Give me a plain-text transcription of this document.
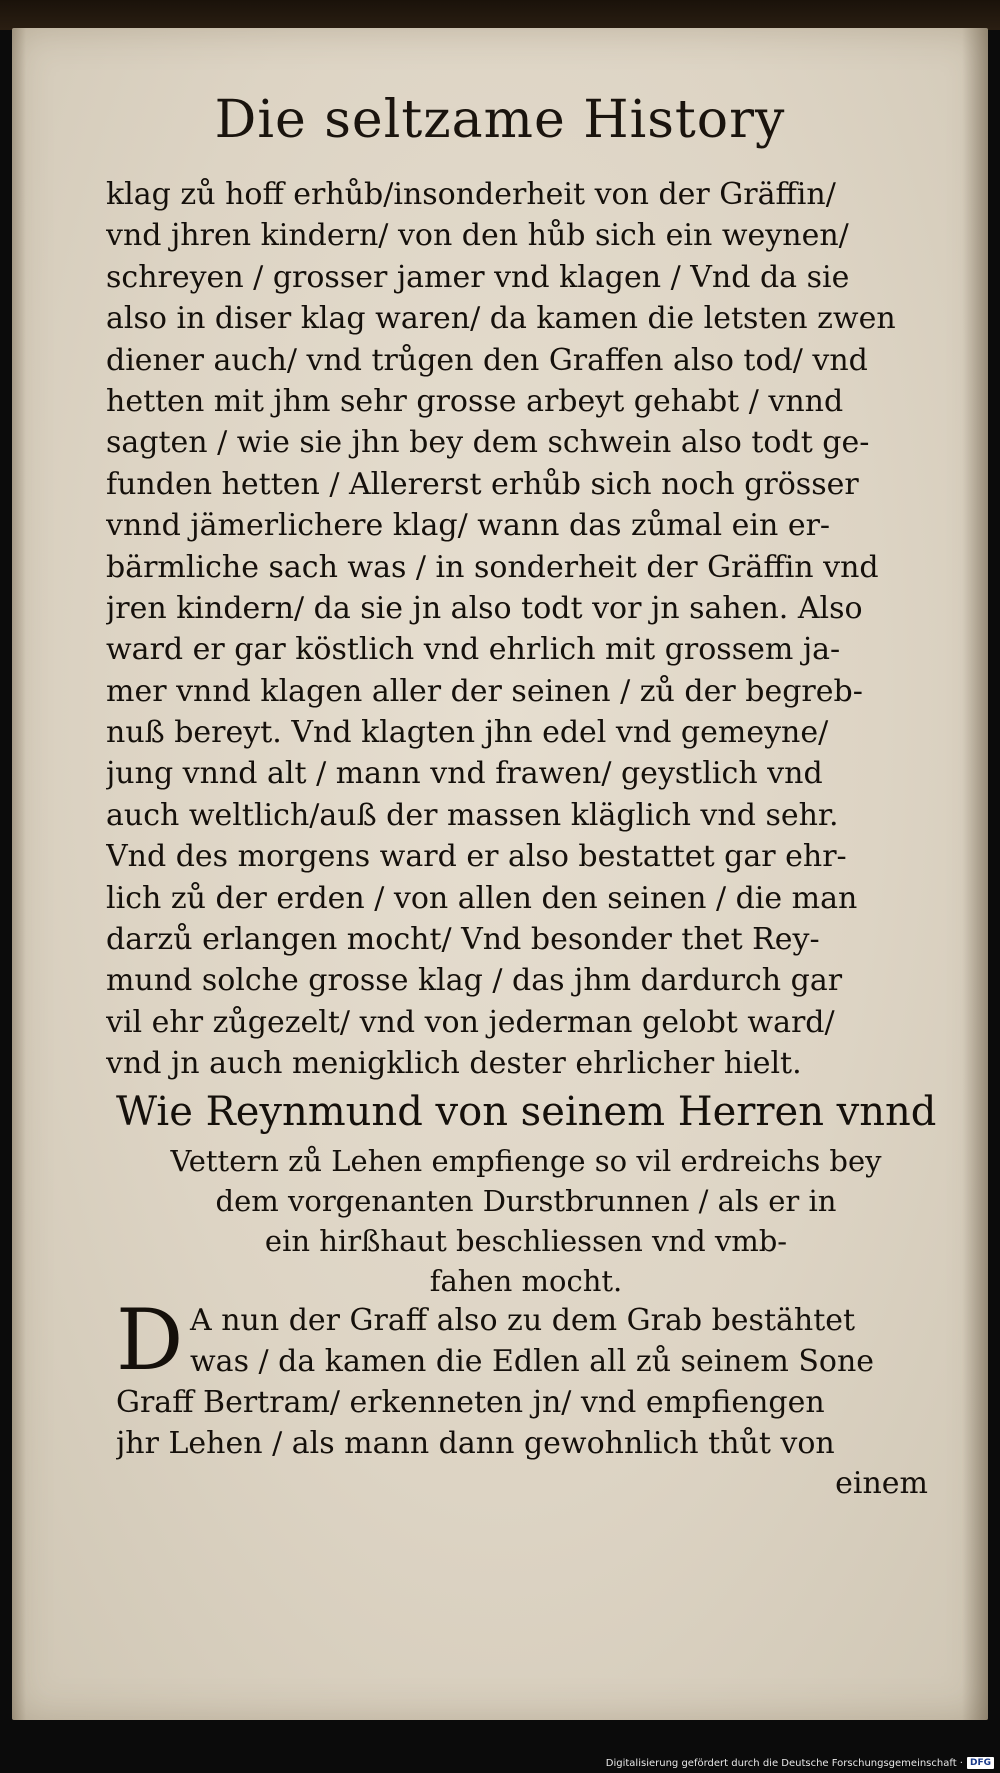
Die seltzame History
klag zů hoff erhůb/insonderheit von der Gräffin/
vnd jhren kindern/ von den hůb sich ein weynen/
schreyen / grosser jamer vnd klagen / Vnd da sie
also in diser klag waren/ da kamen die letsten zwen
diener auch/ vnd trůgen den Graffen also tod/ vnd
hetten mit jhm sehr grosse arbeyt gehabt / vnnd
sagten / wie sie jhn bey dem schwein also todt ge-
funden hetten / Allererst erhůb sich noch grösser
vnnd jämerlichere klag/ wann das zůmal ein er-
bärmliche sach was / in sonderheit der Gräffin vnd
jren kindern/ da sie jn also todt vor jn sahen. Also
ward er gar köstlich vnd ehrlich mit grossem ja-
mer vnnd klagen aller der seinen / zů der begreb-
nuß bereyt. Vnd klagten jhn edel vnd gemeyne/
jung vnnd alt / mann vnd frawen/ geystlich vnd
auch weltlich/auß der massen kläglich vnd sehr.
Vnd des morgens ward er also bestattet gar ehr-
lich zů der erden / von allen den seinen / die man
darzů erlangen mocht/ Vnd besonder thet Rey-
mund solche grosse klag / das jhm dardurch gar
vil ehr zůgezelt/ vnd von jederman gelobt ward/
vnd jn auch menigklich dester ehrlicher hielt.
Wie Reynmund von seinem Herren vnnd
Vettern zů Lehen empfienge so vil erdreichs bey
dem vorgenanten Durstbrunnen / als er in
ein hirßhaut beschliessen vnd vmb-
fahen mocht.
D A nun der Graff also zu dem Grab bestähtet
was / da kamen die Edlen all zů seinem Sone
Graff Bertram/ erkenneten jn/ vnd empfiengen
jhr Lehen / als mann dann gewohnlich thůt von
einem
Digitalisierung gefördert durch die Deutsche Forschungsgemeinschaft · DFG
